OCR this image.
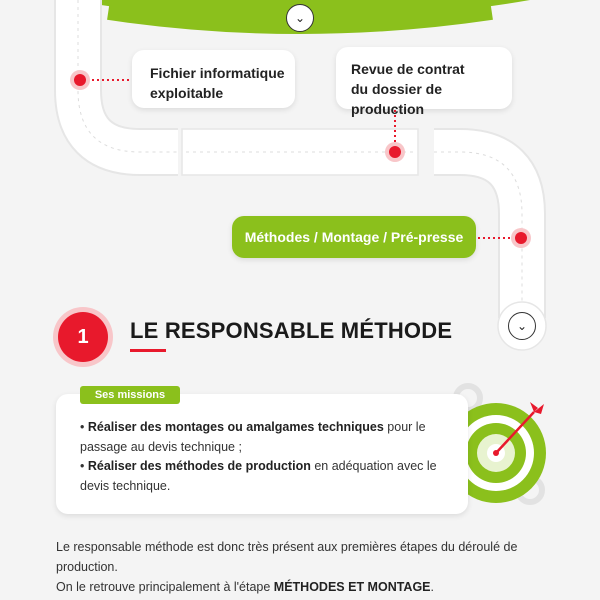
⌄
Fichier informatique
exploitable
Revue de contrat
du dossier de production
Méthodes / Montage / Pré-presse
⌄
1 LE RESPONSABLE MÉTHODE
Ses missions

• Réaliser des montages ou amalgames techniques pour le passage au devis technique ;

• Réaliser des méthodes de production en adéquation avec le devis technique.

Le responsable méthode est donc très présent aux premières étapes du déroulé de production.
On le retrouve principalement à l'étape MÉTHODES ET MONTAGE.
